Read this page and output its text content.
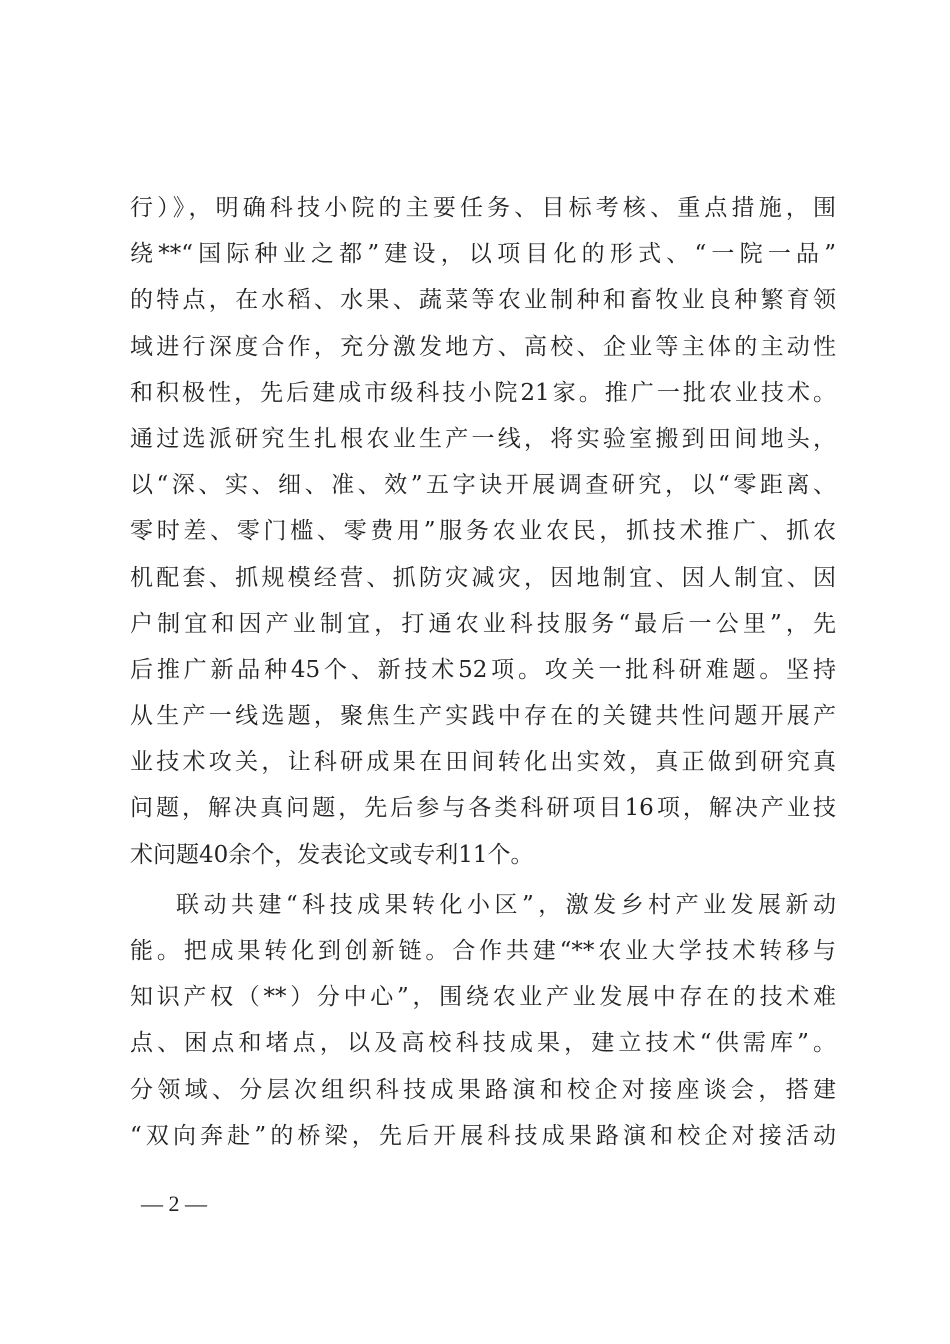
行）》，明确科技小院的主要任务、目标考核、重点措施，围
绕**“国际种业之都”建设，以项目化的形式、“一院一品”
的特点，在水稻、水果、蔬菜等农业制种和畜牧业良种繁育领
域进行深度合作，充分激发地方、高校、企业等主体的主动性
和积极性，先后建成市级科技小院21家。推广一批农业技术。
通过选派研究生扎根农业生产一线，将实验室搬到田间地头，
以“深、实、细、准、效”五字诀开展调查研究，以“零距离、
零时差、零门槛、零费用”服务农业农民，抓技术推广、抓农
机配套、抓规模经营、抓防灾减灾，因地制宜、因人制宜、因
户制宜和因产业制宜，打通农业科技服务“最后一公里”，先
后推广新品种45个、新技术52项。攻关一批科研难题。坚持
从生产一线选题，聚焦生产实践中存在的关键共性问题开展产
业技术攻关，让科研成果在田间转化出实效，真正做到研究真
问题，解决真问题，先后参与各类科研项目16项，解决产业技
术问题40余个，发表论文或专利11个。
联动共建“科技成果转化小区”，激发乡村产业发展新动
能。把成果转化到创新链。合作共建“**农业大学技术转移与
知识产权（**）分中心”，围绕农业产业发展中存在的技术难
点、困点和堵点，以及高校科技成果，建立技术“供需库”。
分领域、分层次组织科技成果路演和校企对接座谈会，搭建
“双向奔赴”的桥梁，先后开展科技成果路演和校企对接活动
— 2 —
